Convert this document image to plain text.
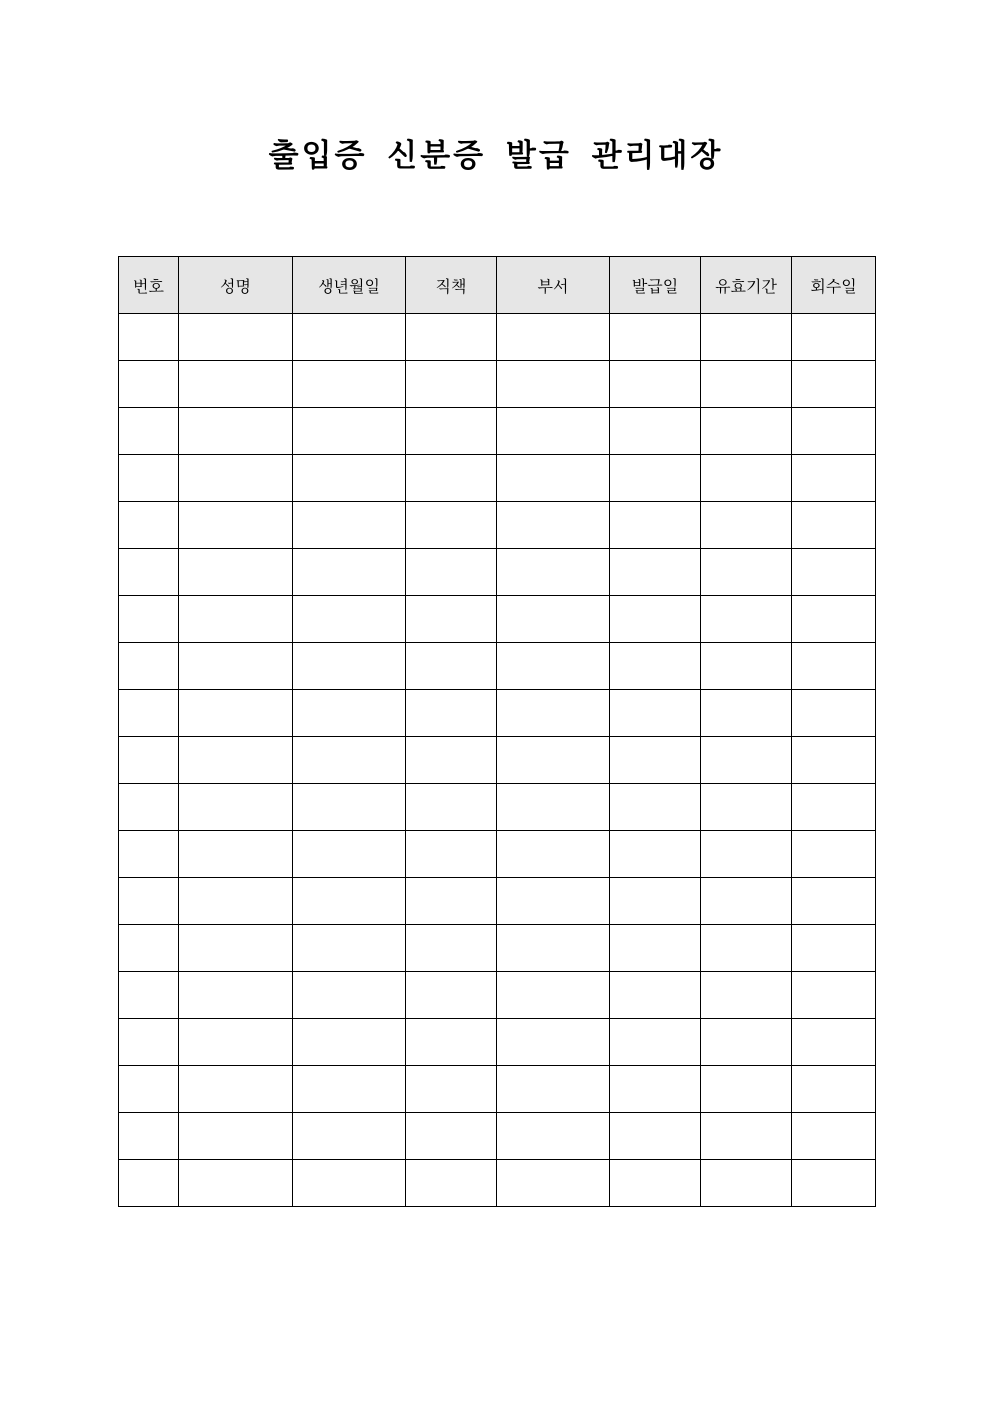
출입증 신분증 발급 관리대장
번호	성명	생년월일	직책	부서	발급일	유효기간	회수일
